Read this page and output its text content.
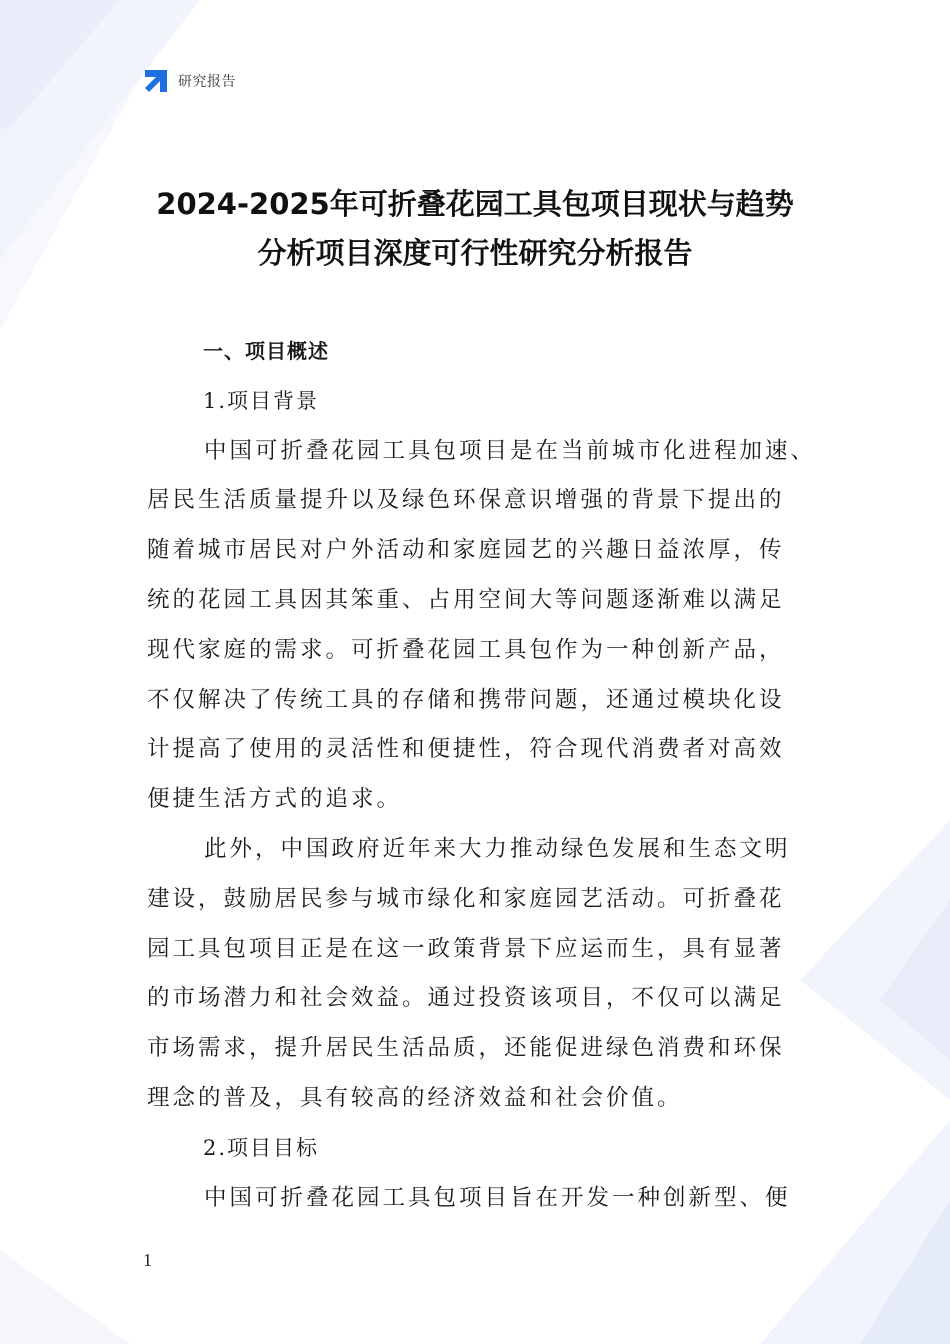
研究报告
2024-2025年可折叠花园工具包项目现状与趋势
分析项目深度可行性研究分析报告
一、项目概述
1.项目背景
中国可折叠花园工具包项目是在当前城市化进程加速、
居民生活质量提升以及绿色环保意识增强的背景下提出的
随着城市居民对户外活动和家庭园艺的兴趣日益浓厚，传
统的花园工具因其笨重、占用空间大等问题逐渐难以满足
现代家庭的需求。可折叠花园工具包作为一种创新产品，
不仅解决了传统工具的存储和携带问题，还通过模块化设
计提高了使用的灵活性和便捷性，符合现代消费者对高效
便捷生活方式的追求。
此外，中国政府近年来大力推动绿色发展和生态文明
建设，鼓励居民参与城市绿化和家庭园艺活动。可折叠花
园工具包项目正是在这一政策背景下应运而生，具有显著
的市场潜力和社会效益。通过投资该项目，不仅可以满足
市场需求，提升居民生活品质，还能促进绿色消费和环保
理念的普及，具有较高的经济效益和社会价值。
2.项目目标
中国可折叠花园工具包项目旨在开发一种创新型、便
1
